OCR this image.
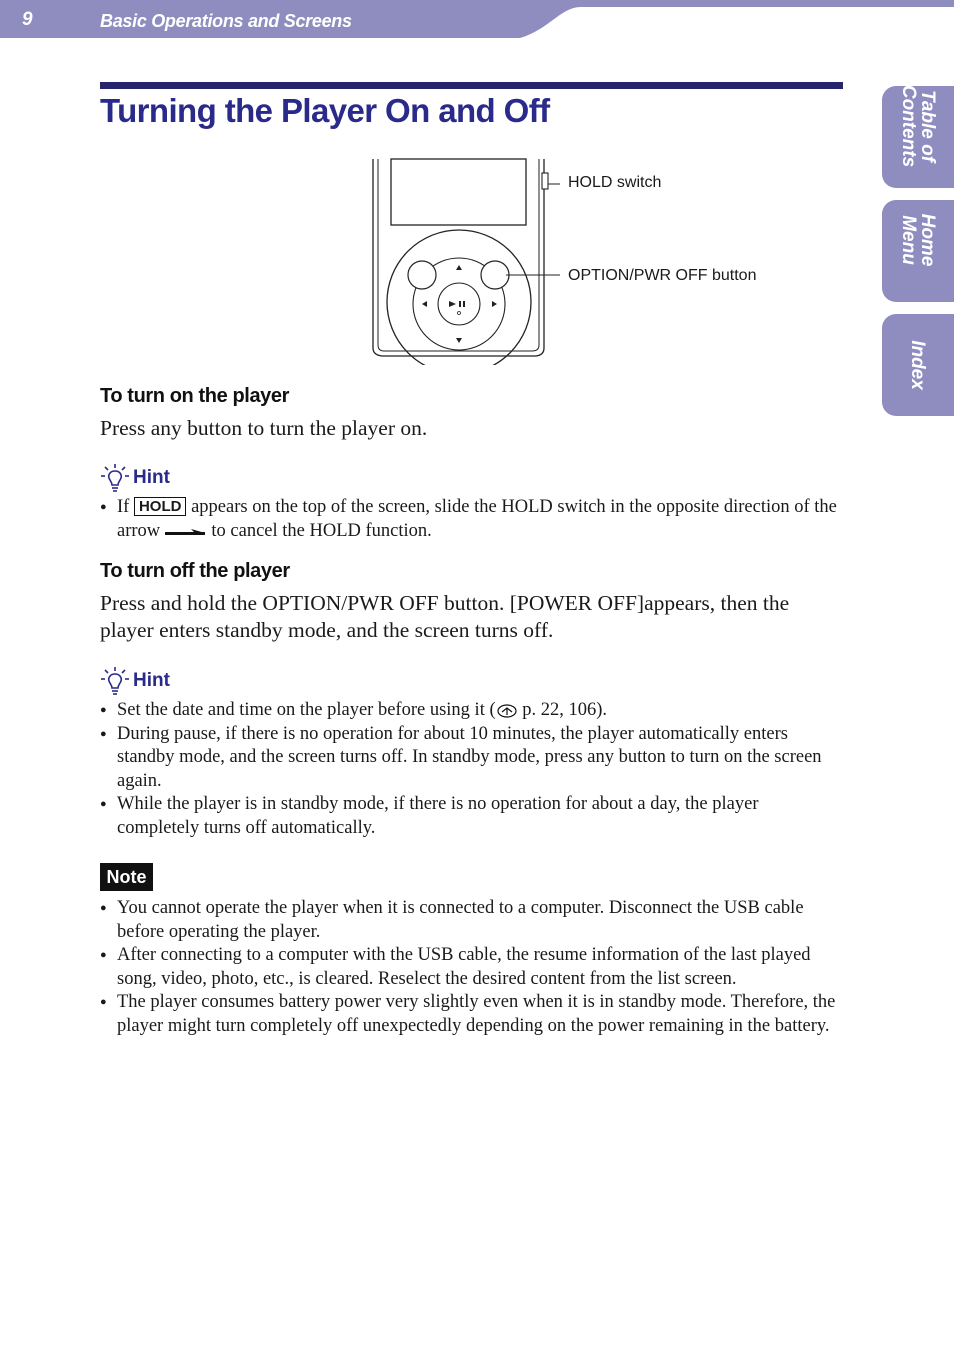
9	Basic Operations and Screens
Table of Contents
Home Menu
Index
Turning the Player On and Off
HOLD switch
OPTION/PWR OFF button
To turn on the player

Press any button to turn the player on.

Hint
● If HOLD appears on the top of the screen, slide the HOLD switch in the opposite direction of the arrow	to cancel the HOLD function.
To turn off the player

Press and hold the OPTION/PWR OFF button. [POWER OFF]appears, then the player enters standby mode, and the screen turns off.

Hint
● Set the date and time on the player before using it ( p. 22, 106).
● During pause, if there is no operation for about 10 minutes, the player automatically enters standby mode, and the screen turns off. In standby mode, press any button to turn on the screen again.
● While the player is in standby mode, if there is no operation for about a day, the player completely turns off automatically.
Note
● You cannot operate the player when it is connected to a computer. Disconnect the USB cable before operating the player.
● After connecting to a computer with the USB cable, the resume information of the last played song, video, photo, etc., is cleared. Reselect the desired content from the list screen.
● The player consumes battery power very slightly even when it is in standby mode. Therefore, the player might turn completely off unexpectedly depending on the power remaining in the battery.
